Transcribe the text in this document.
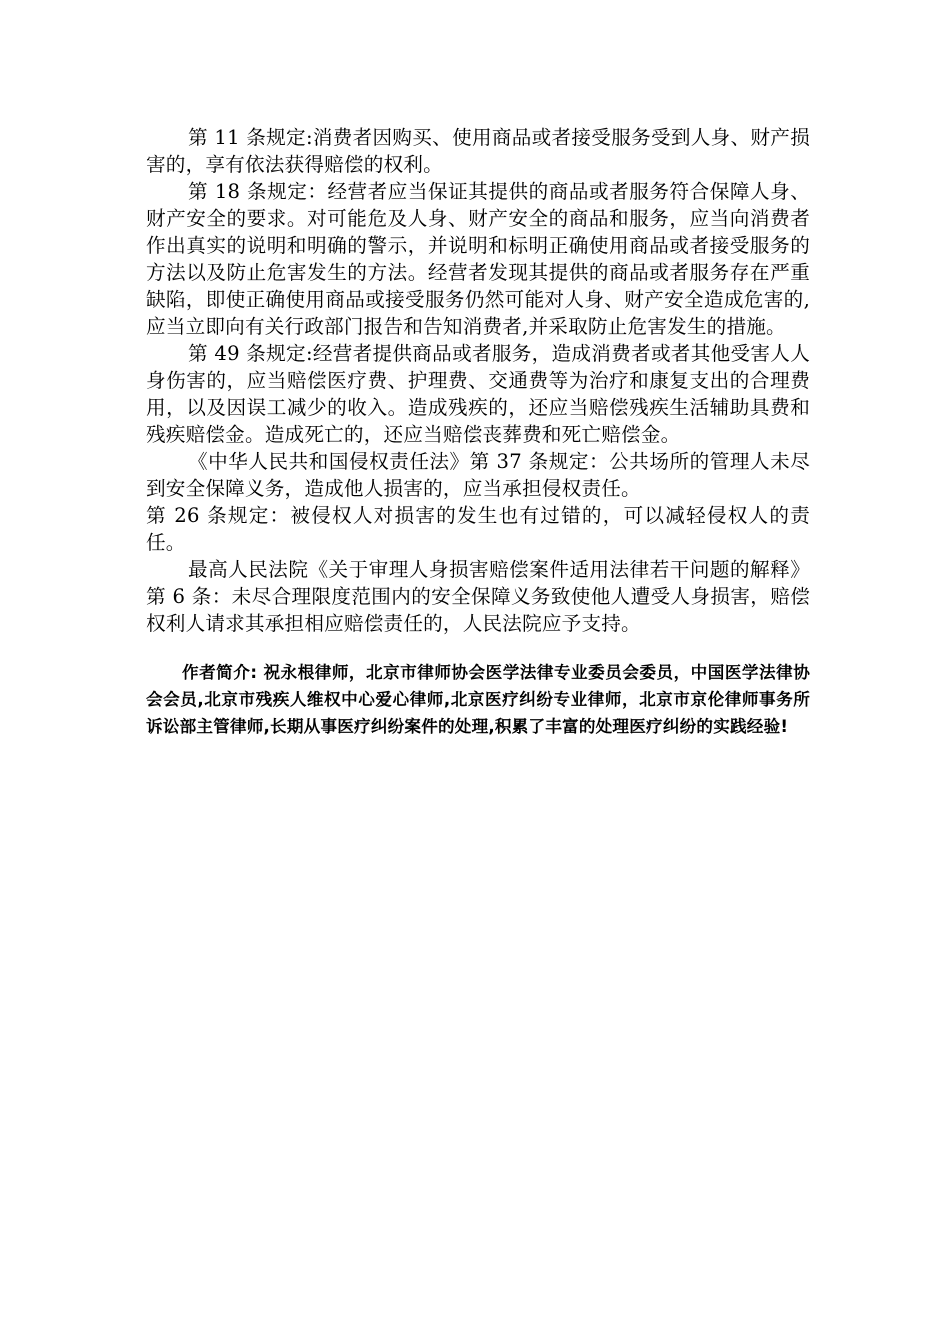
第 11 条规定:消费者因购买、使用商品或者接受服务受到人身、财产损害的，享有依法获得赔偿的权利。

第 18 条规定：经营者应当保证其提供的商品或者服务符合保障人身、财产安全的要求。对可能危及人身、财产安全的商品和服务，应当向消费者作出真实的说明和明确的警示，并说明和标明正确使用商品或者接受服务的方法以及防止危害发生的方法。经营者发现其提供的商品或者服务存在严重缺陷，即使正确使用商品或接受服务仍然可能对人身、财产安全造成危害的,应当立即向有关行政部门报告和告知消费者,并采取防止危害发生的措施。

第 49 条规定:经营者提供商品或者服务，造成消费者或者其他受害人人身伤害的，应当赔偿医疗费、护理费、交通费等为治疗和康复支出的合理费用，以及因误工减少的收入。造成残疾的，还应当赔偿残疾生活辅助具费和残疾赔偿金。造成死亡的，还应当赔偿丧葬费和死亡赔偿金。

《中华人民共和国侵权责任法》第 37 条规定：公共场所的管理人未尽到安全保障义务，造成他人损害的，应当承担侵权责任。

第 26 条规定：被侵权人对损害的发生也有过错的，可以减轻侵权人的责任。

最高人民法院《关于审理人身损害赔偿案件适用法律若干问题的解释》第 6 条：未尽合理限度范围内的安全保障义务致使他人遭受人身损害，赔偿权利人请求其承担相应赔偿责任的，人民法院应予支持。

作者简介: 祝永根律师，北京市律师协会医学法律专业委员会委员，中国医学法律协会会员,北京市残疾人维权中心爱心律师,北京医疗纠纷专业律师，北京市京伦律师事务所诉讼部主管律师,长期从事医疗纠纷案件的处理,积累了丰富的处理医疗纠纷的实践经验!
